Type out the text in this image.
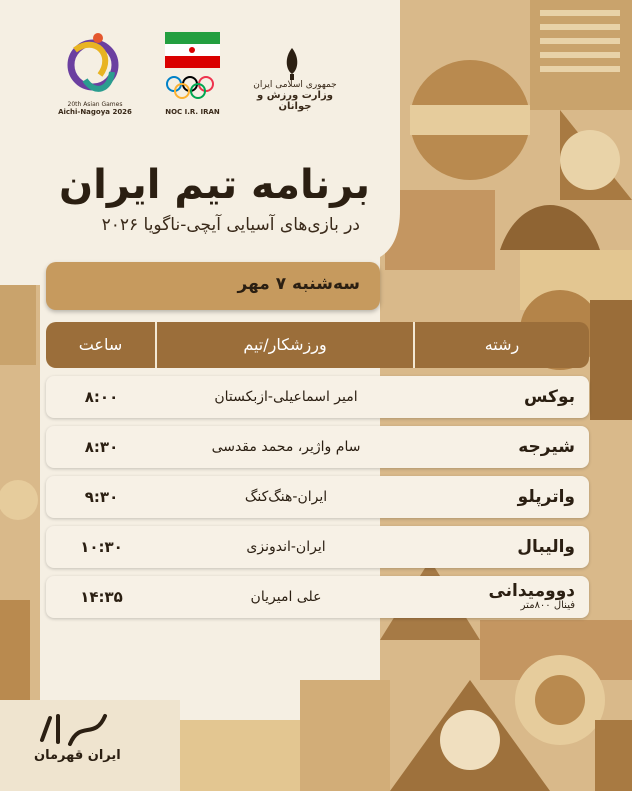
20th Asian Games
Aichi-Nagoya 2026	NOC I.R. IRAN
جمهوری اسلامی ایران
وزارت ورزش و جوانان
برنامه تیم ایران
در بازی‌های آسیایی آیچی-ناگویا ۲۰۲۶
سه‌شنبه ۷ مهر
رشته
ورزشکار/تیم
ساعت
بوکس
امیر اسماعیلی-ازبکستان
۸:۰۰
شیرجه
سام واژیر، محمد مقدسی
۸:۳۰
واترپلو
ایران-هنگ‌کنگ
۹:۳۰
والیبال
ایران-اندونزی
۱۰:۳۰
دوومیدانی
فینال ۸۰۰متر
علی امیریان
۱۴:۳۵
ایران قهرمان
